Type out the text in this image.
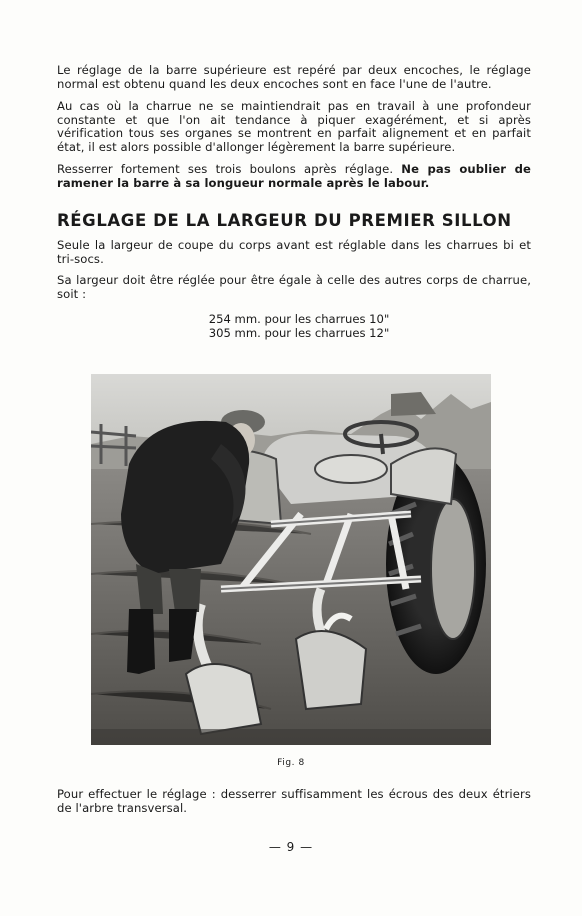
Le réglage de la barre supérieure est repéré par deux encoches, le réglage normal est obtenu quand les deux encoches sont en face l'une de l'autre.
Au cas où la charrue ne se maintiendrait pas en travail à une profondeur constante et que l'on ait tendance à piquer exagérément, et si après vérification tous ses organes se montrent en parfait alignement et en parfait état, il est alors possible d'allonger légèrement la barre supérieure.
Resserrer fortement ses trois boulons après réglage. Ne pas oublier de ramener la barre à sa longueur normale après le labour.
RÉGLAGE DE LA LARGEUR DU PREMIER SILLON
Seule la largeur de coupe du corps avant est réglable dans les charrues bi et tri-socs.
Sa largeur doit être réglée pour être égale à celle des autres corps de charrue, soit :
254 mm. pour les charrues 10"
305 mm. pour les charrues 12"
Fig. 8
Pour effectuer le réglage : desserrer suffisamment les écrous des deux étriers de l'arbre transversal.
— 9 —
